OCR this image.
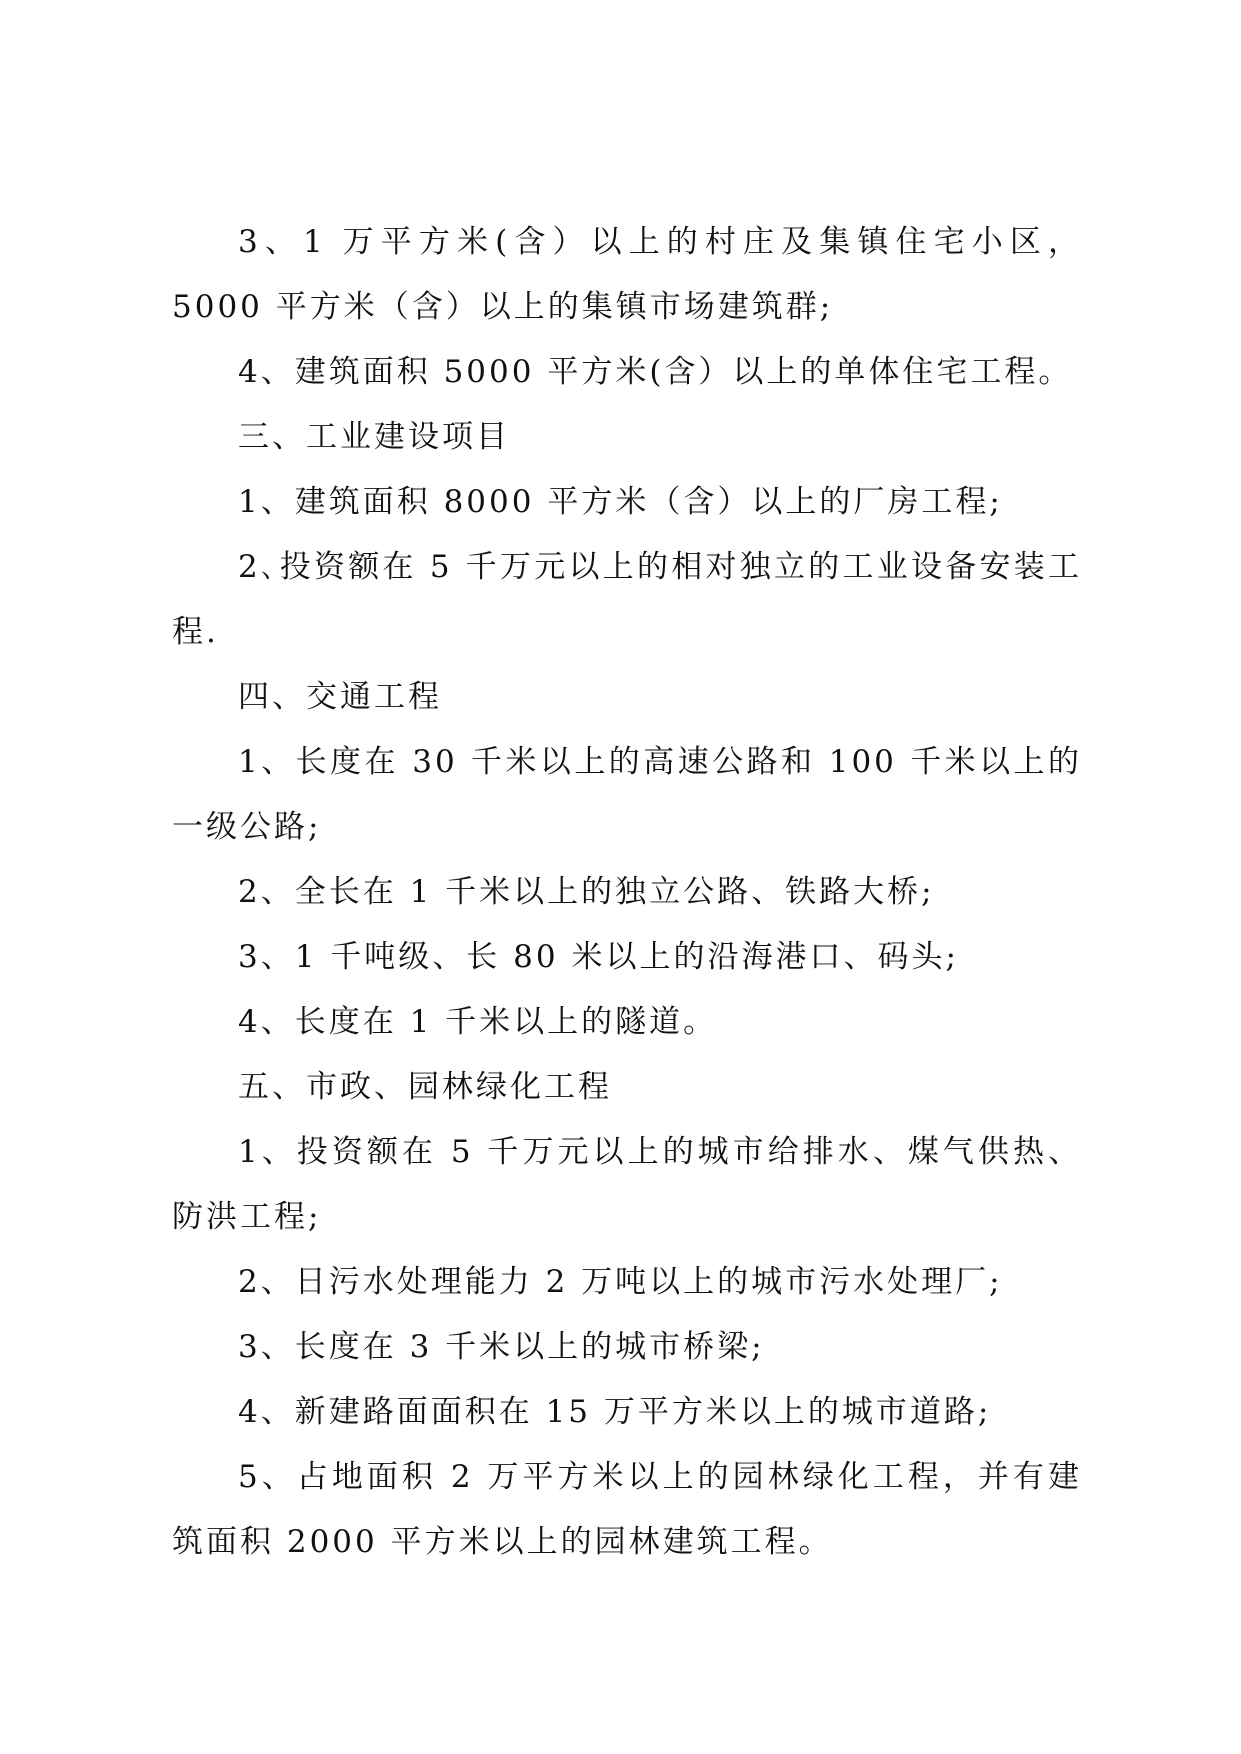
3、1 万平方米(含）以上的村庄及集镇住宅小区，5000 平方米（含）以上的集镇市场建筑群;

4、建筑面积 5000 平方米(含）以上的单体住宅工程。

三、工业建设项目

1、建筑面积 8000 平方米（含）以上的厂房工程;

2､投资额在 5 千万元以上的相对独立的工业设备安装工程.

四、交通工程

1、长度在 30 千米以上的高速公路和 100 千米以上的一级公路;

2、全长在 1 千米以上的独立公路、铁路大桥;

3、1 千吨级、长 80 米以上的沿海港口、码头;

4、长度在 1 千米以上的隧道。

五、市政、园林绿化工程

1、投资额在 5 千万元以上的城市给排水、煤气供热、防洪工程;

2、日污水处理能力 2 万吨以上的城市污水处理厂;

3、长度在 3 千米以上的城市桥梁;

4、新建路面面积在 15 万平方米以上的城市道路;

5、占地面积 2 万平方米以上的园林绿化工程，并有建筑面积 2000 平方米以上的园林建筑工程。
